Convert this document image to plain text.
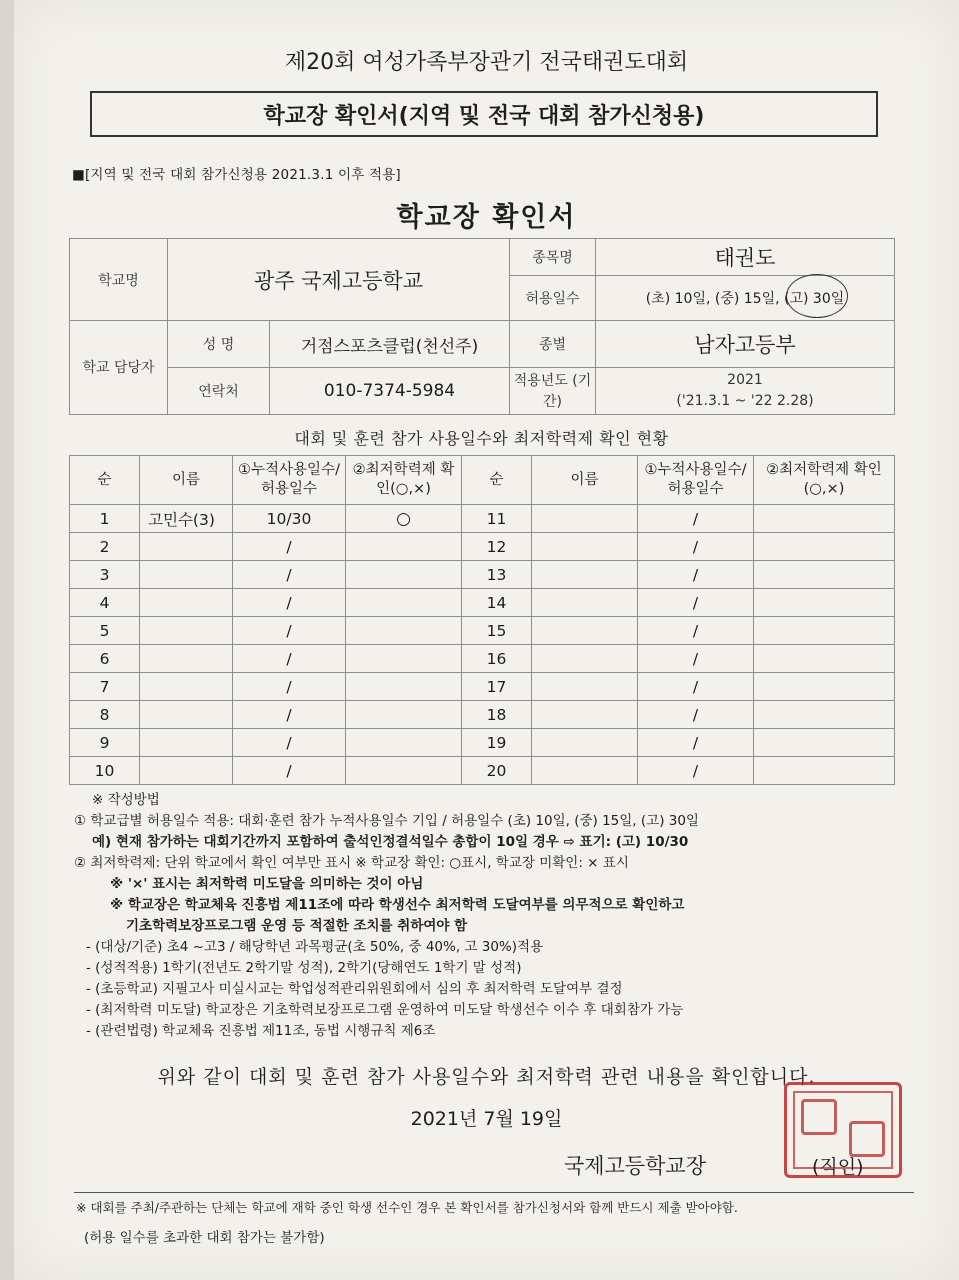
제20회 여성가족부장관기 전국태권도대회
학교장 확인서(지역 및 전국 대회 참가신청용)
■[지역 및 전국 대회 참가신청용 2021.3.1 이후 적용]
학교장 확인서
학교명	광주 국제고등학교		종목명	태권도
			허용일수	(초) 10일, (중) 15일, (고) 30일
학교 담당자	성 명	거점스포츠클럽(천선주)	종별	남자고등부
	연락처	010-7374-5984	적용년도 (기간)	2021
('21.3.1 ~ '22 2.28)
대회 및 훈련 참가 사용일수와 최저학력제 확인 현황
순	이름	①누적사용일수/허용일수	②최저학력제 확인(○,×)	순	이름	①누적사용일수/허용일수	②최저학력제 확인(○,×)
1	고민수(3)	10/30	○	11		/	
2		/		12		/	
3		/		13		/	
4		/		14		/	
5		/		15		/	
6		/		16		/	
7		/		17		/	
8		/		18		/	
9		/		19		/	
10		/		20		/	
※ 작성방법
① 학교급별 허용일수 적용: 대회·훈련 참가 누적사용일수 기입 / 허용일수 (초) 10일, (중) 15일, (고) 30일
예) 현재 참가하는 대회기간까지 포함하여 출석인정결석일수 총합이 10일 경우 ⇨ 표기: (고) 10/30
② 최저학력제: 단위 학교에서 확인 여부만 표시 ※ 학교장 확인: ○표시, 학교장 미확인: × 표시
※ '×' 표시는 최저학력 미도달을 의미하는 것이 아님
※ 학교장은 학교체육 진흥법 제11조에 따라 학생선수 최저학력 도달여부를 의무적으로 확인하고
기초학력보장프로그램 운영 등 적절한 조치를 취하여야 함
- (대상/기준) 초4 ~고3 / 해당학년 과목평균(초 50%, 중 40%, 고 30%)적용
- (성적적용) 1학기(전년도 2학기말 성적), 2학기(당해연도 1학기 말 성적)
- (초등학교) 지필고사 미실시교는 학업성적관리위원회에서 심의 후 최저학력 도달여부 결정
- (최저학력 미도달) 학교장은 기초학력보장프로그램 운영하여 미도달 학생선수 이수 후 대회참가 가능
- (관련법령) 학교체육 진흥법 제11조, 동법 시행규칙 제6조
위와 같이 대회 및 훈련 참가 사용일수와 최저학력 관련 내용을 확인합니다.
2021년 7월 19일
국제고등학교장	(직인)
※ 대회를 주최/주관하는 단체는 학교에 재학 중인 학생 선수인 경우 본 확인서를 참가신청서와 함께 반드시 제출 받아야함.
(허용 일수를 초과한 대회 참가는 불가함)
